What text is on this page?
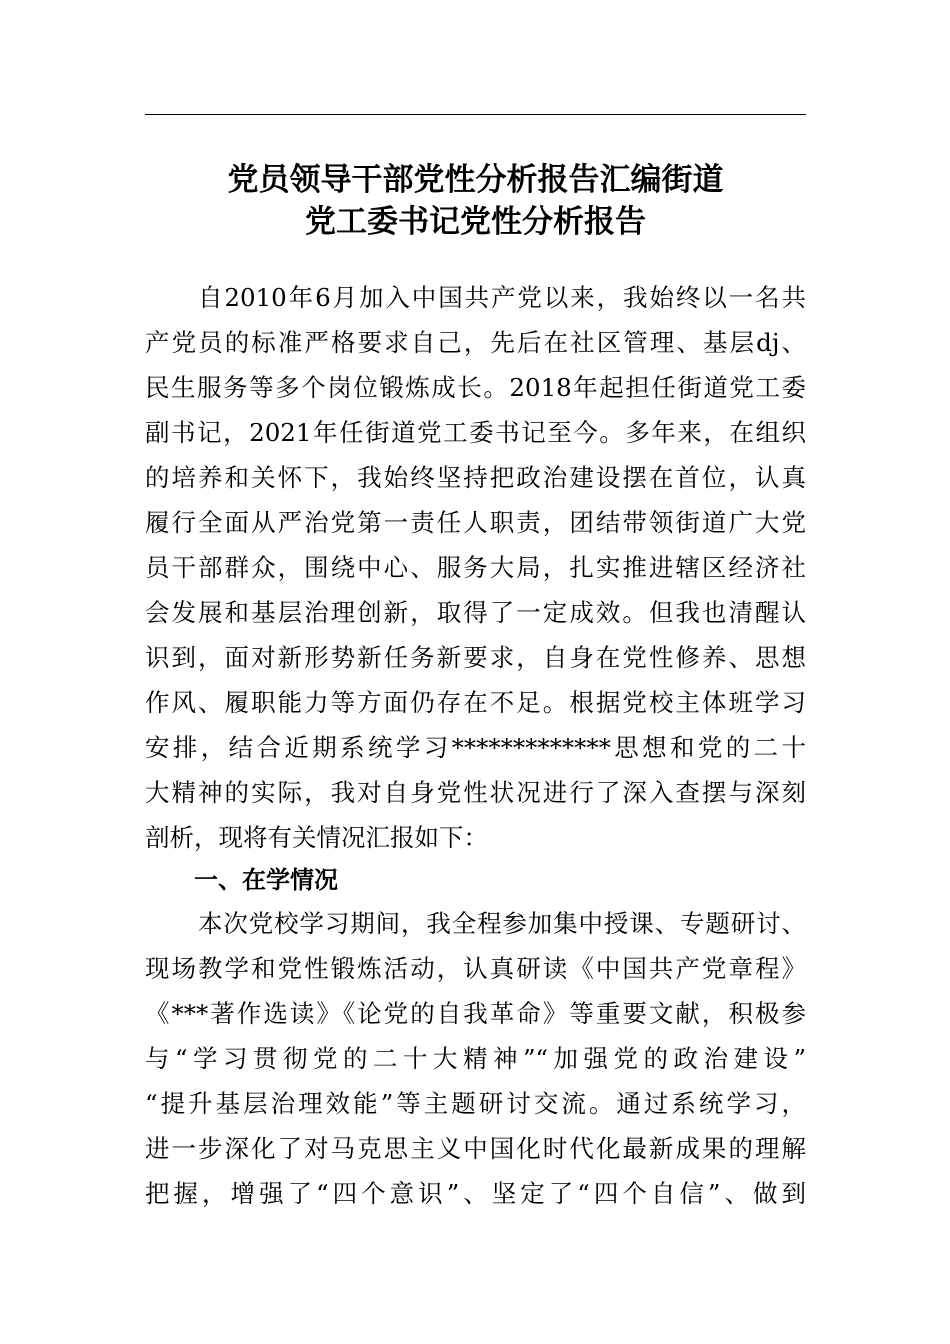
党员领导干部党性分析报告汇编街道
党工委书记党性分析报告
自2010年6月加入中国共产党以来，我始终以一名共
产党员的标准严格要求自己，先后在社区管理、基层dj、
民生服务等多个岗位锻炼成长。2018年起担任街道党工委
副书记，2021年任街道党工委书记至今。多年来，在组织
的培养和关怀下，我始终坚持把政治建设摆在首位，认真
履行全面从严治党第一责任人职责，团结带领街道广大党
员干部群众，围绕中心、服务大局，扎实推进辖区经济社
会发展和基层治理创新，取得了一定成效。但我也清醒认
识到，面对新形势新任务新要求，自身在党性修养、思想
作风、履职能力等方面仍存在不足。根据党校主体班学习
安排，结合近期系统学习*************思想和党的二十
大精神的实际，我对自身党性状况进行了深入查摆与深刻
剖析，现将有关情况汇报如下：
一、在学情况
本次党校学习期间，我全程参加集中授课、专题研讨、
现场教学和党性锻炼活动，认真研读《中国共产党章程》
《***著作选读》《论党的自我革命》等重要文献，积极参
与“学习贯彻党的二十大精神”“加强党的政治建设”
“提升基层治理效能”等主题研讨交流。通过系统学习，
进一步深化了对马克思主义中国化时代化最新成果的理解
把握，增强了“四个意识”、坚定了“四个自信”、做到
